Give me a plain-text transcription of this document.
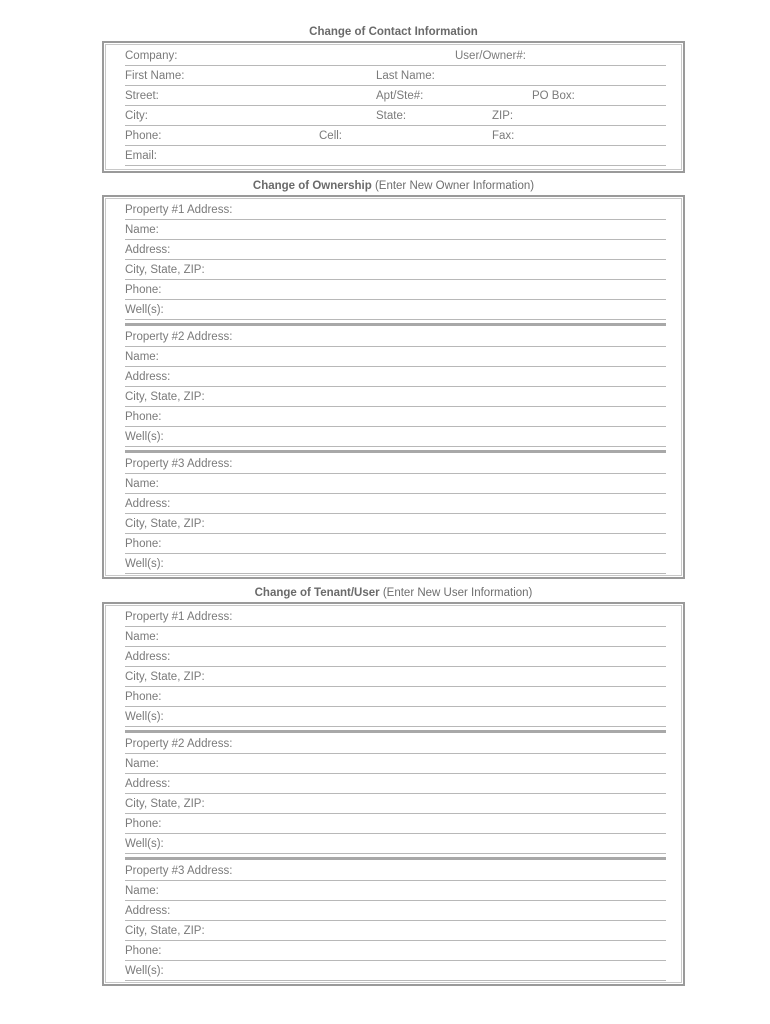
Change of Contact Information
Company:	User/Owner#:
First Name:	Last Name:
Street:	Apt/Ste#:	PO Box:
City:	State:	ZIP:
Phone:	Cell:	Fax:
Email:
Change of Ownership (Enter New Owner Information)
Property #1 Address:
Name:
Address:
City, State, ZIP:
Phone:
Well(s):
Property #2 Address:
Name:
Address:
City, State, ZIP:
Phone:
Well(s):
Property #3 Address:
Name:
Address:
City, State, ZIP:
Phone:
Well(s):
Change of Tenant/User (Enter New User Information)
Property #1 Address:
Name:
Address:
City, State, ZIP:
Phone:
Well(s):
Property #2 Address:
Name:
Address:
City, State, ZIP:
Phone:
Well(s):
Property #3 Address:
Name:
Address:
City, State, ZIP:
Phone:
Well(s):
